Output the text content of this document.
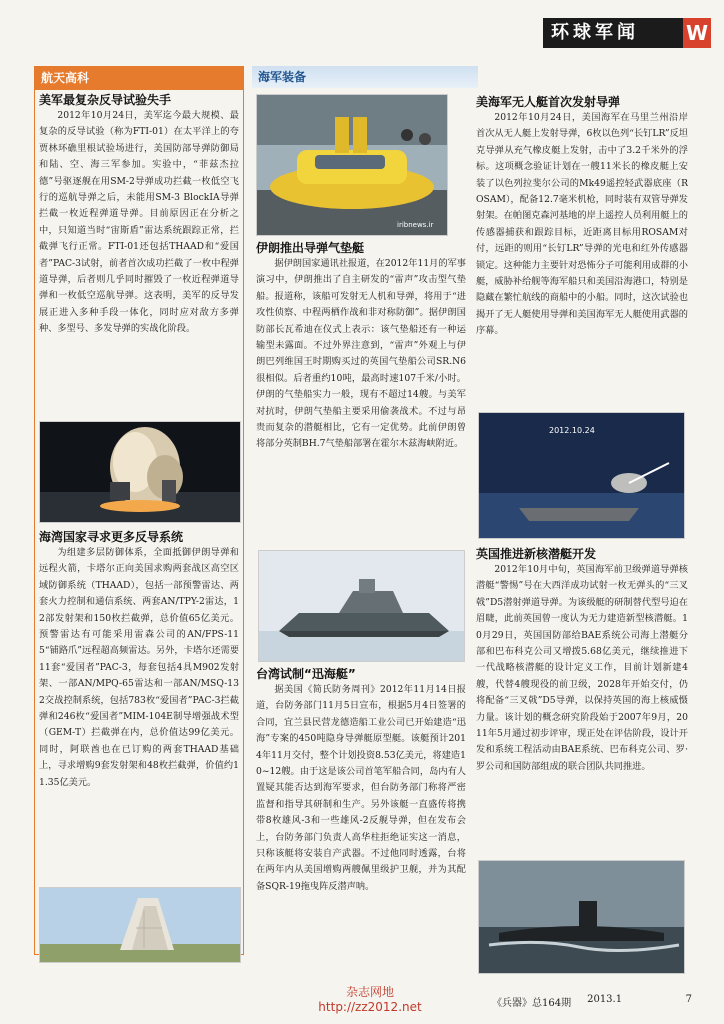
环球军闻	W
航天高科
美军最复杂反导试验失手

2012年10月24日，美军迄今最大规模、最复杂的反导试验（称为FTI-01）在太平洋上的夸贾林环礁里根试验场进行，美国防部导弹防御局和陆、空、海三军参加。实验中，“菲兹杰拉德”号驱逐舰在用SM-2导弹成功拦截一枚低空飞行的巡航导弹之后，未能用SM-3 BlockIA导弹拦截一枚近程弹道导弹。目前原因正在分析之中，只知道当时“宙斯盾”雷达系统跟踪正常，拦截弹飞行正常。FTI-01还包括THAAD和“爱国者”PAC-3试射，前者首次成功拦截了一枚中程弹道导弹，后者则几乎同时摧毁了一枚近程弹道导弹和一枚低空巡航导弹。这表明，美军的反导发展正进入多种手段一体化，同时应对敌方多弹种、多型号、多发导弹的实战化阶段。

海湾国家寻求更多反导系统

为组建多层防御体系，全面抵御伊朗导弹和远程火箭，卡塔尔正向美国求购两套战区高空区域防御系统（THAAD），包括一部预警雷达、两套火力控制和通信系统、两套AN/TPY-2雷达，12部发射架和150枚拦截弹，总价值65亿美元。预警雷达有可能采用雷森公司的AN/FPS-115“铺路爪”远程超高频雷达。另外，卡塔尔还需要11套“爱国者”PAC-3，每套包括4具M902发射架、一部AN/MPQ-65雷达和一部AN/MSQ-132交战控制系统，包括783枚“爱国者”PAC-3拦截弹和246枚“爱国者”MIM-104E制导增强战术型（GEM-T）拦截弹在内，总价值达99亿美元。同时，阿联酋也在已订购的两套THAAD基础上，寻求增购9套发射架和48枚拦截弹，价值约11.35亿美元。

海军装备
iribnews.ir
伊朗推出导弹气垫艇

据伊朗国家通讯社报道，在2012年11月的军事演习中，伊朗推出了自主研发的“雷声”攻击型气垫船。报道称，该船可发射无人机和导弹，将用于“进攻性侦察、中程两栖作战和非对称防御”。据伊朗国防部长瓦希迪在仪式上表示：该气垫船还有一种运输型未露面。不过外界注意到，“雷声”外观上与伊朗巴列维国王时期购买过的英国气垫船公司SR.N6很相似。后者重约10吨，最高时速107千米/小时。伊朗的气垫船实力一般，现有不超过14艘。与美军对抗时，伊朗气垫船主要采用偷袭战术。不过与昂贵而复杂的潜艇相比，它有一定优势。此前伊朗曾将部分英制BH.7气垫船部署在霍尔木兹海峡附近。

台湾试制“迅海艇”

据美国《简氏防务周刊》2012年11月14日报道，台防务部门11月5日宣布，根据5月4日签署的合同，宜兰县民营龙德造船工业公司已开始建造“迅海”专案的450吨隐身导弹艇原型艇。该艇预计2014年11月交付，整个计划投资8.53亿美元，将建造10~12艘。由于这是该公司首笔军船合同，岛内有人置疑其能否达到海军要求，但台防务部门称将严密监督和指导其研制和生产。另外该艇一直盛传将携带8枚雄风-3和一些雄风-2反舰导弹，但在发布会上，台防务部门负责人高华柱拒绝证实这一消息，只称该艇将安装自产武器。不过他同时透露，台将在两年内从美国增购两艘佩里级护卫舰，并为其配备SQR-19拖曳阵反潜声呐。

美海军无人艇首次发射导弹

2012年10月24日，美国海军在马里兰州沿岸首次从无人艇上发射导弹，6枚以色列“长钉LR”反坦克导弹从充气橡皮艇上发射，击中了3.2千米外的浮标。这项概念验证计划在一艘11米长的橡皮艇上安装了以色列拉斐尔公司的Mk49遥控轻武器底座（ROSAM），配备12.7毫米机枪，同时装有双管导弹发射架。在帕图克森河基地的岸上遥控人员利用艇上的传感器捕获和跟踪目标，近距离目标用ROSAM对付，远距的则用“长钉LR”导弹的光电和红外传感器锁定。这种能力主要针对恐怖分子可能利用成群的小艇，威胁补给舰等海军船只和美国沿海港口，特别是隐藏在繁忙航线的商船中的小船。同时，这次试验也揭开了无人艇使用导弹和美国海军无人艇使用武器的序幕。

2012.10.24
英国推进新核潜艇开发

2012年10月中旬，英国海军前卫级弹道导弹核潜艇“警惕”号在大西洋成功试射一枚无弹头的“三叉戟”D5潜射弹道导弹。为该级艇的研制替代型号迫在眉睫，此前英国曾一度认为无力建造新型核潜艇。10月29日，英国国防部给BAE系统公司海上潜艇分部和巴布科克公司又增拨5.68亿美元，继续推进下一代战略核潜艇的设计定义工作，目前计划新建4艘，代替4艘现役的前卫级，2028年开始交付，仍将配备“三叉戟”D5导弹，以保持英国的海上核威慑力量。该计划的概念研究阶段始于2007年9月，2011年5月通过初步评审，现正处在评估阶段，设计开发和系统工程活动由BAE系统、巴布科克公司、罗·罗公司和国防部组成的联合团队共同推进。

杂志网地
http://zz2012.net	《兵器》总164期 2013.1	7
